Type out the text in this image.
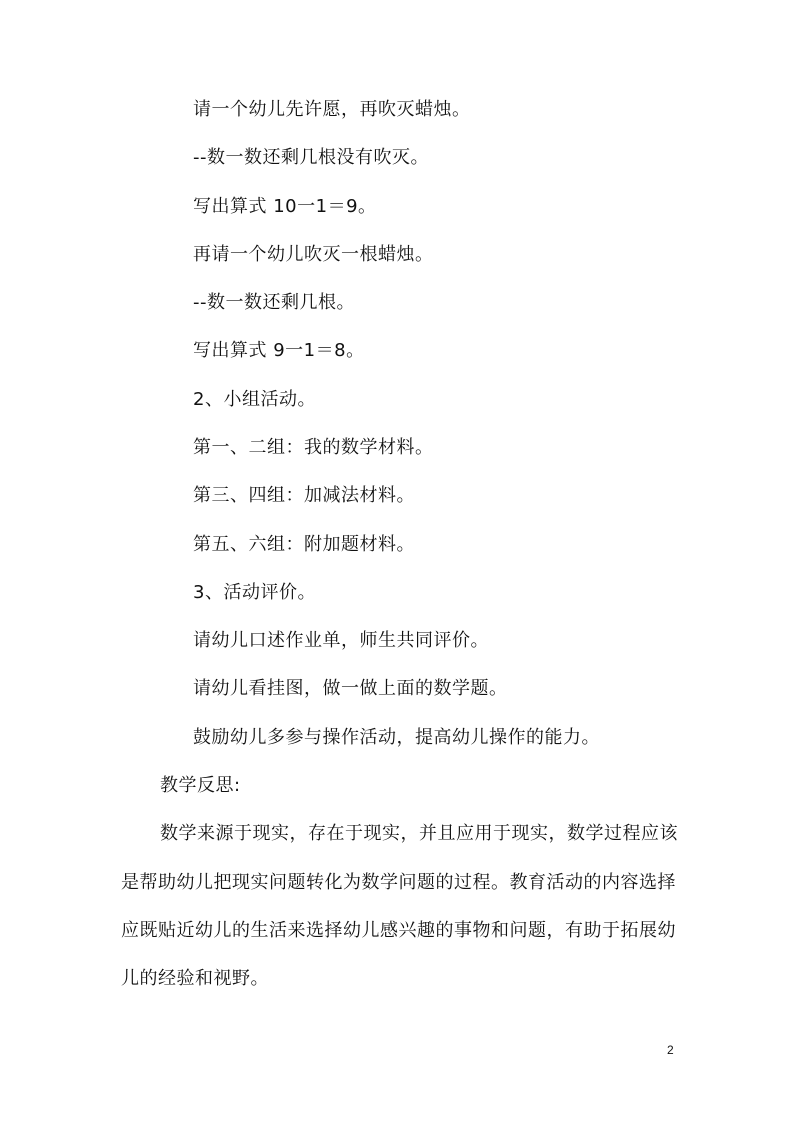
请一个幼儿先许愿，再吹灭蜡烛。
--数一数还剩几根没有吹灭。
写出算式 10一1＝9。
再请一个幼儿吹灭一根蜡烛。
--数一数还剩几根。
写出算式 9一1＝8。
2、小组活动。
第一、二组：我的数学材料。
第三、四组：加减法材料。
第五、六组：附加题材料。
3、活动评价。
请幼儿口述作业单，师生共同评价。
请幼儿看挂图，做一做上面的数学题。
鼓励幼儿多参与操作活动，提高幼儿操作的能力。
教学反思:
数学来源于现实，存在于现实，并且应用于现实，数学过程应该
是帮助幼儿把现实问题转化为数学问题的过程。教育活动的内容选择
应既贴近幼儿的生活来选择幼儿感兴趣的事物和问题，有助于拓展幼
儿的经验和视野。
2
